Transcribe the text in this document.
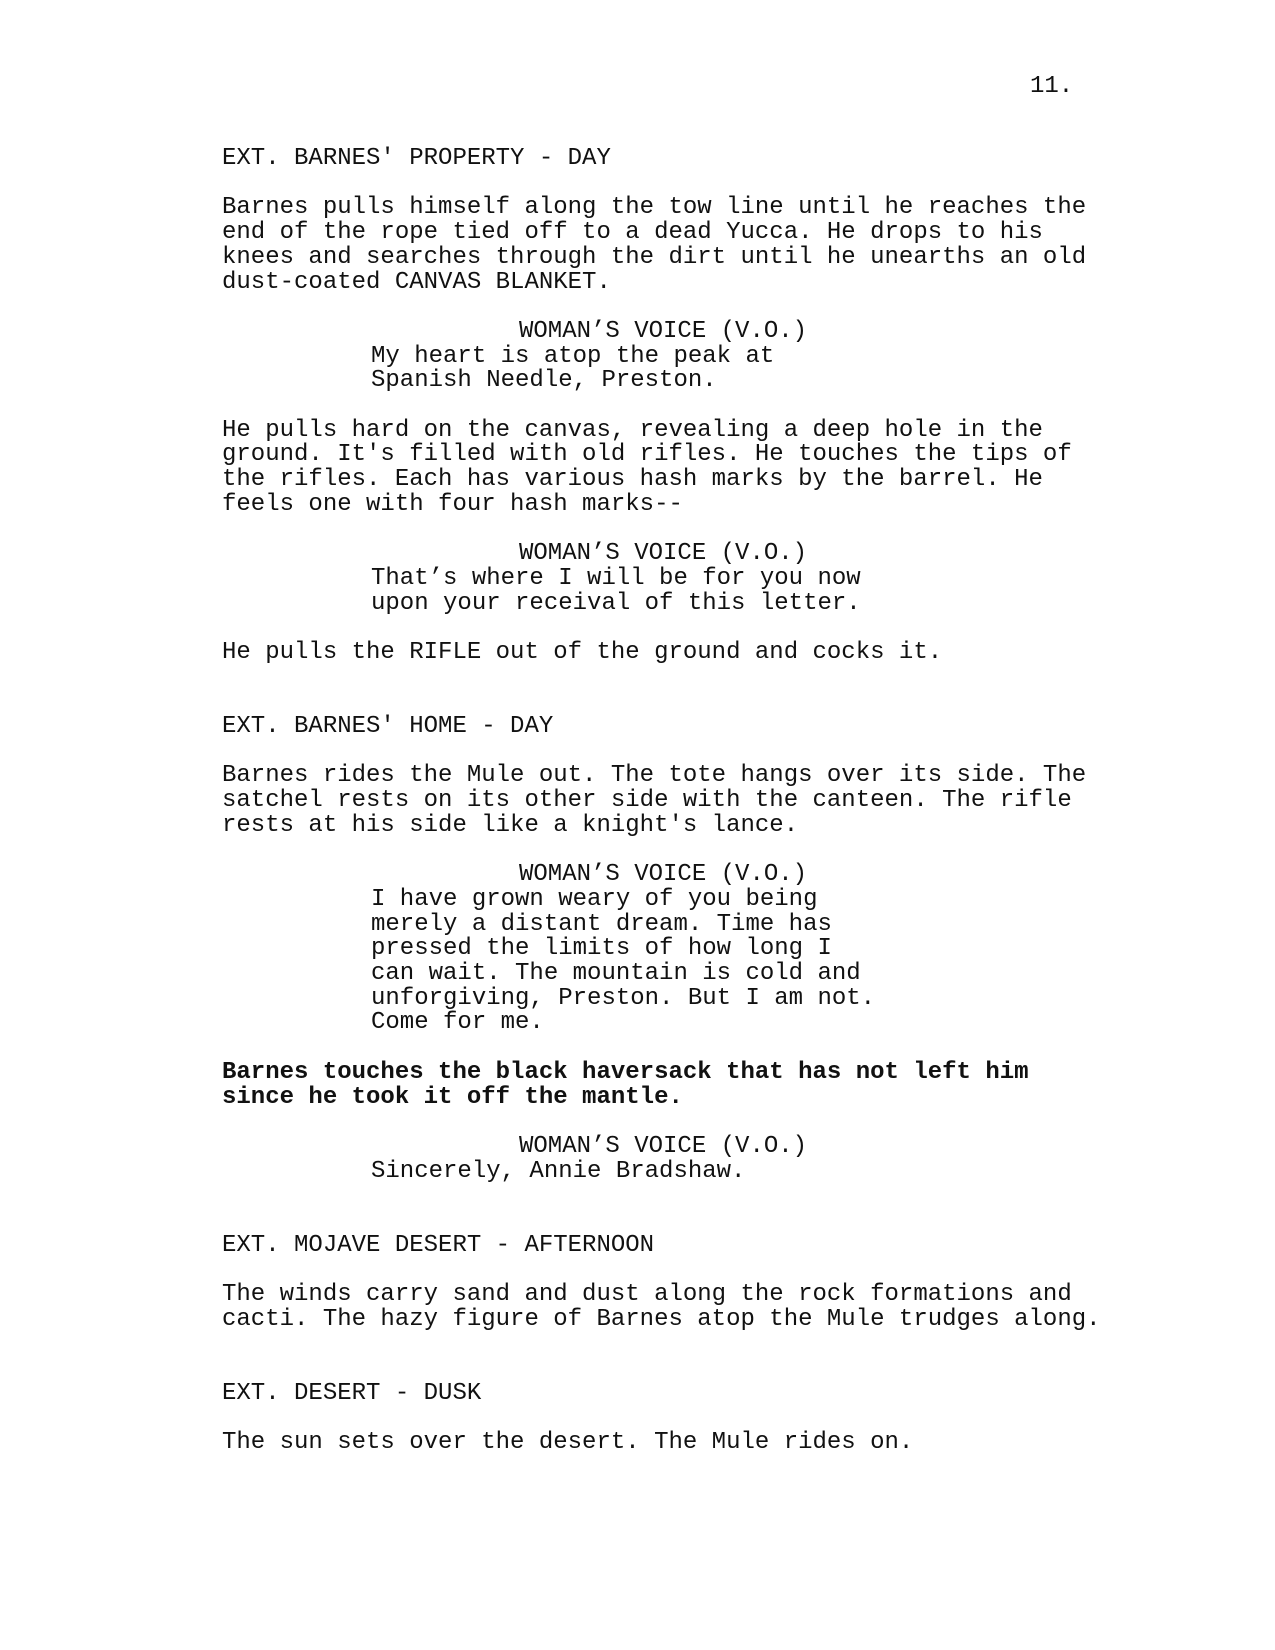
11.

EXT. BARNES' PROPERTY - DAY

Barnes pulls himself along the tow line until he reaches the
end of the rope tied off to a dead Yucca. He drops to his
knees and searches through the dirt until he unearths an old
dust-coated CANVAS BLANKET.

WOMAN’S VOICE (V.O.)

My heart is atop the peak at
Spanish Needle, Preston.

He pulls hard on the canvas, revealing a deep hole in the
ground. It's filled with old rifles. He touches the tips of
the rifles. Each has various hash marks by the barrel. He
feels one with four hash marks--

WOMAN’S VOICE (V.O.)

That’s where I will be for you now
upon your receival of this letter.

He pulls the RIFLE out of the ground and cocks it.

EXT. BARNES' HOME - DAY

Barnes rides the Mule out. The tote hangs over its side. The
satchel rests on its other side with the canteen. The rifle
rests at his side like a knight's lance.

WOMAN’S VOICE (V.O.)

I have grown weary of you being
merely a distant dream. Time has
pressed the limits of how long I
can wait. The mountain is cold and
unforgiving, Preston. But I am not.
Come for me.

Barnes touches the black haversack that has not left him
since he took it off the mantle.

WOMAN’S VOICE (V.O.)

Sincerely, Annie Bradshaw.

EXT. MOJAVE DESERT - AFTERNOON

The winds carry sand and dust along the rock formations and
cacti. The hazy figure of Barnes atop the Mule trudges along.

EXT. DESERT - DUSK

The sun sets over the desert. The Mule rides on.
